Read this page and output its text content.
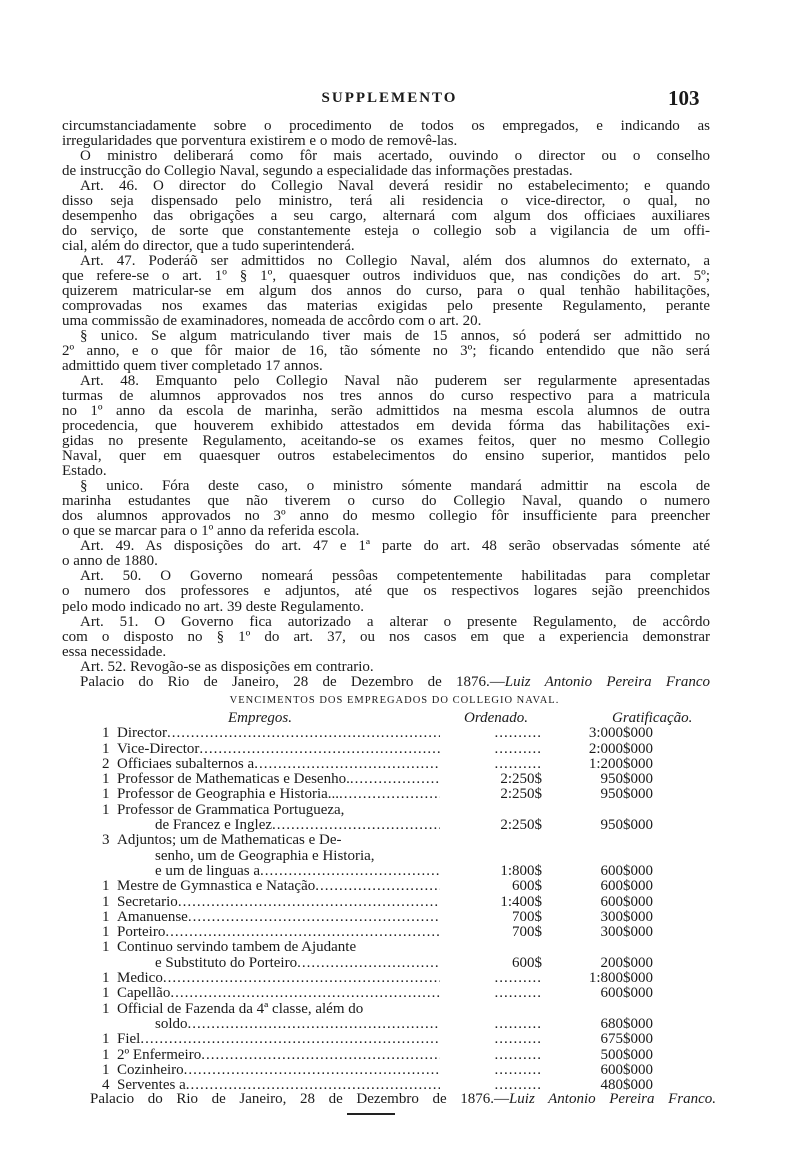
SUPPLEMENTO	103
circumstanciadamente sobre o procedimento de todos os empregados, e indicando as
irregularidades que porventura existirem e o modo de removê-las.
O ministro deliberará como fôr mais acertado, ouvindo o director ou o conselho
de instrucção do Collegio Naval, segundo a especialidade das informações prestadas.
Art. 46. O director do Collegio Naval deverá residir no estabelecimento; e quando
disso seja dispensado pelo ministro, terá ali residencia o vice-director, o qual, no
desempenho das obrigações a seu cargo, alternará com algum dos officiaes auxiliares
do serviço, de sorte que constantemente esteja o collegio sob a vigilancia de um offi-
cial, além do director, que a tudo superintenderá.
Art. 47. Poderáõ ser admittidos no Collegio Naval, além dos alumnos do externato, a
que refere-se o art. 1º § 1º, quaesquer outros individuos que, nas condições do art. 5º;
quizerem matricular-se em algum dos annos do curso, para o qual tenhão habilitações,
comprovadas nos exames das materias exigidas pelo presente Regulamento, perante
uma commissão de examinadores, nomeada de accôrdo com o art. 20.
§ unico. Se algum matriculando tiver mais de 15 annos, só poderá ser admittido no
2º anno, e o que fôr maior de 16, tão sómente no 3º; ficando entendido que não será
admittido quem tiver completado 17 annos.
Art. 48. Emquanto pelo Collegio Naval não puderem ser regularmente apresentadas
turmas de alumnos approvados nos tres annos do curso respectivo para a matricula
no 1º anno da escola de marinha, serão admittidos na mesma escola alumnos de outra
procedencia, que houverem exhibido attestados em devida fórma das habilitações exi-
gidas no presente Regulamento, aceitando-se os exames feitos, quer no mesmo Collegio
Naval, quer em quaesquer outros estabelecimentos do ensino superior, mantidos pelo
Estado.
§ unico. Fóra deste caso, o ministro sómente mandará admittir na escola de
marinha estudantes que não tiverem o curso do Collegio Naval, quando o numero
dos alumnos approvados no 3º anno do mesmo collegio fôr insufficiente para preencher
o que se marcar para o 1º anno da referida escola.
Art. 49. As disposições do art. 47 e 1ª parte do art. 48 serão observadas sómente até
o anno de 1880.
Art. 50. O Governo nomeará pessôas competentemente habilitadas para completar
o numero dos professores e adjuntos, até que os respectivos logares sejão preenchidos
pelo modo indicado no art. 39 deste Regulamento.
Art. 51. O Governo fica autorizado a alterar o presente Regulamento, de accôrdo
com o disposto no § 1º do art. 37, ou nos casos em que a experiencia demonstrar
essa necessidade.
Art. 52. Revogão-se as disposições em contrario.
Palacio do Rio de Janeiro, 28 de Dezembro de 1876.—Luiz Antonio Pereira Franco
VENCIMENTOS DOS EMPREGADOS DO COLLEGIO NAVAL.
Empregos.	Ordenado.	Gratificação.
1 Director .....	..........	3:000$000
1 Vice-Director .....	..........	2:000$000
2 Officiaes subalternos a .....	..........	1:200$000
1 Professor de Mathematicas e Desenho. .....	2:250$	950$000
1 Professor de Geographia e Historia... .....	2:250$	950$000
1 Professor de Grammatica Portugueza,
de Francez e Inglez .....	2:250$	950$000
3 Adjuntos; um de Mathematicas e De-
senho, um de Geographia e Historia,
e um de linguas a .....	1:800$	600$000
1 Mestre de Gymnastica e Natação .....	600$	600$000
1 Secretario .....	1:400$	600$000
1 Amanuense .....	700$	300$000
1 Porteiro .....	700$	300$000
1 Continuo servindo tambem de Ajudante
e Substituto do Porteiro .....	600$	200$000
1 Medico .....	..........	1:800$000
1 Capellão .....	..........	600$000
1 Official de Fazenda da 4ª classe, além do
soldo .....	..........	680$000
1 Fiel .....	..........	675$000
1 2º Enfermeiro .....	..........	500$000
1 Cozinheiro .....	..........	600$000
4 Serventes a .....	..........	480$000
Palacio do Rio de Janeiro, 28 de Dezembro de 1876.—Luiz Antonio Pereira Franco.
